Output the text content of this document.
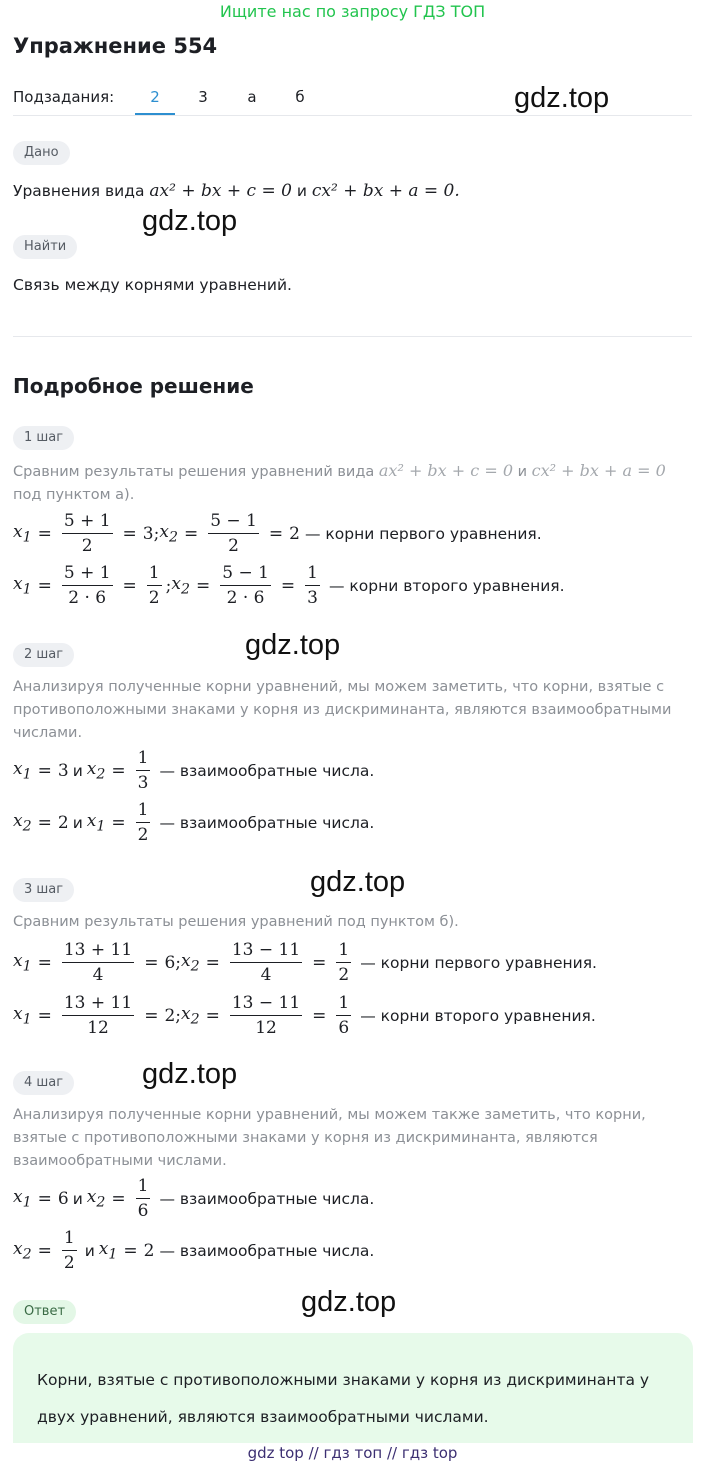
Ищите нас по запросу ГДЗ ТОП
Упражнение 554
Подзадания:	2	3	а	б	gdz.top
gdz.top
gdz.top
gdz.top
gdz.top
gdz.top
Дано
Уравнения вида ax² + bx + c = 0 и cx² + bx + a = 0.
Найти
Связь между корнями уравнений.
Подробное решение
1 шаг
Сравним результаты решения уравнений вида ax² + bx + c = 0 и cx² + bx + a = 0
под пунктом а).
$x_1 = \frac{5 + 1}{2} = 3$; $x_2 = \frac{5 - 1}{2} = 2$ — корни первого уравнения.
$x_1 = \frac{5 + 1}{2 \cdot 6} = \frac{1}{2}$ ; $x_2 = \frac{5 - 1}{2 \cdot 6} = \frac{1}{3}$ — корни второго уравнения.
2 шаг
Анализируя полученные корни уравнений, мы можем заметить, что корни, взятые с противоположными знаками у корня из дискриминанта, являются взаимообратными числами.
$x_1 = 3$ и $x_2 = \frac{1}{3}$ — взаимообратные числа.
$x_2 = 2$ и $x_1 = \frac{1}{2}$ — взаимообратные числа.
3 шаг
Сравним результаты решения уравнений под пунктом б).
$x_1 = \frac{13 + 11}{4} = 6$; $x_2 = \frac{13 - 11}{4} = \frac{1}{2}$ — корни первого уравнения.
$x_1 = \frac{13 + 11}{12} = 2$; $x_2 = \frac{13 - 11}{12} = \frac{1}{6}$ — корни второго уравнения.
4 шаг
Анализируя полученные корни уравнений, мы можем также заметить, что корни, взятые с противоположными знаками у корня из дискриминанта, являются взаимообратными числами.
$x_1 = 6$ и $x_2 = \frac{1}{6}$ — взаимообратные числа.
$x_2 = \frac{1}{2}$ и $x_1 = 2$ — взаимообратные числа.
Ответ
Корни, взятые с противоположными знаками у корня из дискриминанта у двух уравнений, являются взаимообратными числами.
gdz top // гдз топ // гдз top
